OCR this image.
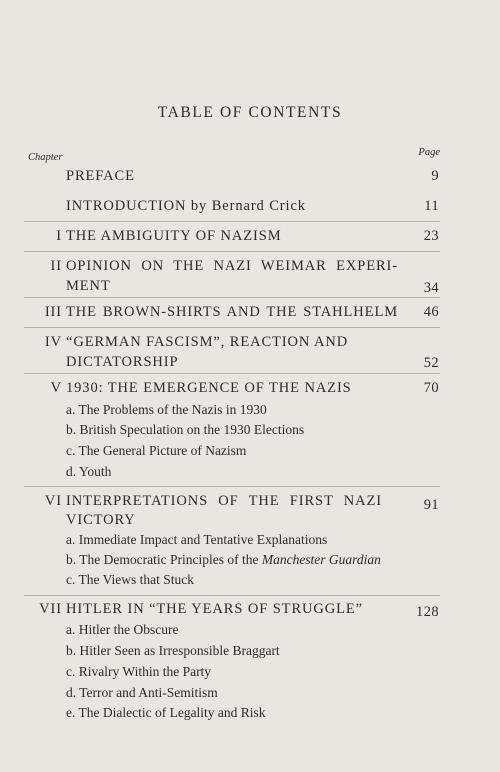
TABLE OF CONTENTS
Chapter	Page
PREFACE	9
INTRODUCTION by Bernard Crick	11
I THE AMBIGUITY OF NAZISM	23
II OPINION ON THE NAZI WEIMAR EXPERI-
MENT	34
III THE BROWN-SHIRTS AND THE STAHLHELM 46
IV “GERMAN FASCISM”, REACTION AND
DICTATORSHIP	52
V 1930: THE EMERGENCE OF THE NAZIS	70
a. The Problems of the Nazis in 1930
b. British Speculation on the 1930 Elections
c. The General Picture of Nazism
d. Youth
VI INTERPRETATIONS OF THE FIRST NAZI
VICTORY
91
a. Immediate Impact and Tentative Explanations
b. The Democratic Principles of the Manchester Guardian
c. The Views that Stuck
VII HITLER IN “THE YEARS OF STRUGGLE”	128
a. Hitler the Obscure
b. Hitler Seen as Irresponsible Braggart
c. Rivalry Within the Party
d. Terror and Anti-Semitism
e. The Dialectic of Legality and Risk
